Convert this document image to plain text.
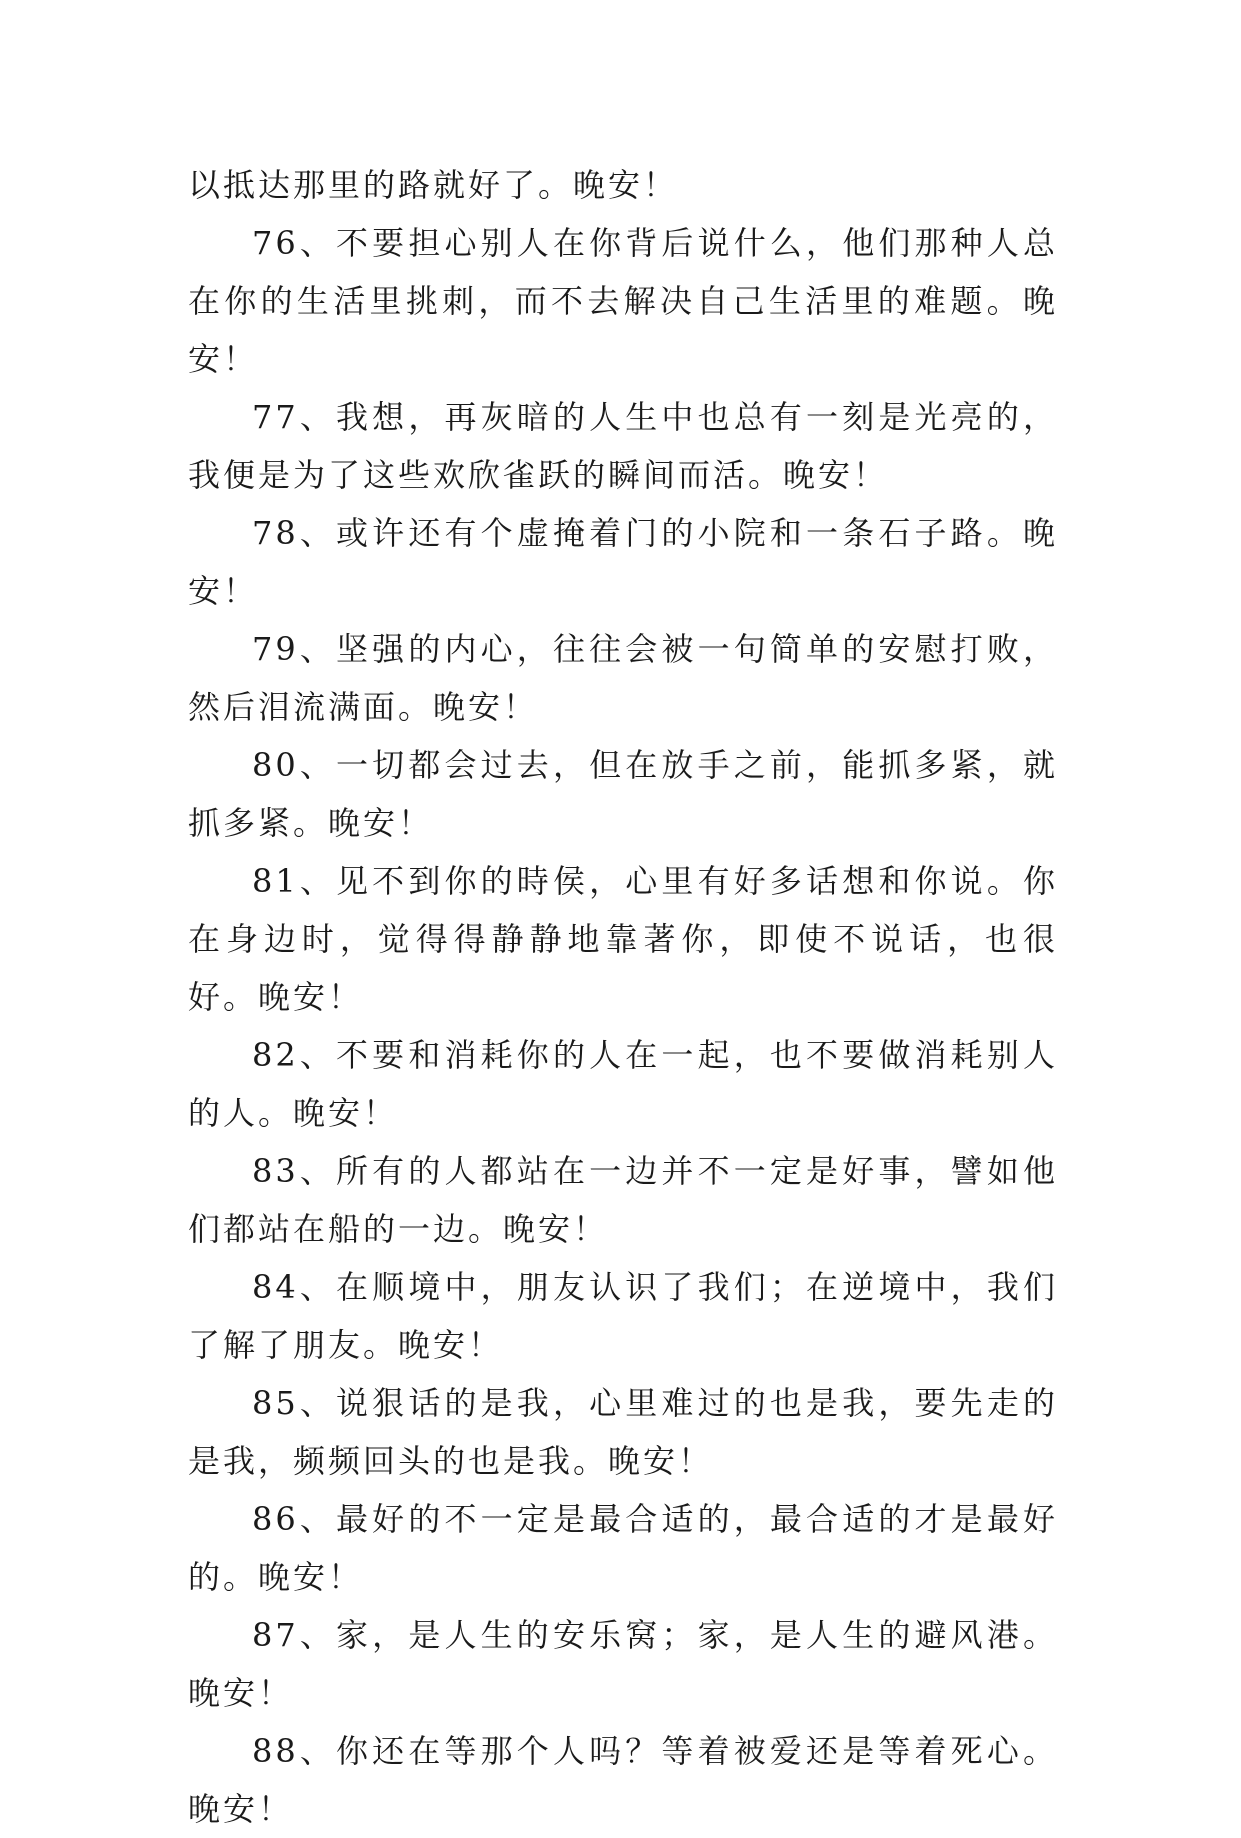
以抵达那里的路就好了。晚安！

76、不要担心别人在你背后说什么，他们那种人总在你的生活里挑刺，而不去解决自己生活里的难题。晚安！

77、我想，再灰暗的人生中也总有一刻是光亮的，我便是为了这些欢欣雀跃的瞬间而活。晚安！

78、或许还有个虚掩着门的小院和一条石子路。晚安！

79、坚强的内心，往往会被一句简单的安慰打败，然后泪流满面。晚安！

80、一切都会过去，但在放手之前，能抓多紧，就抓多紧。晚安！

81、见不到你的時侯，心里有好多话想和你说。你在身边时，觉得得静静地靠著你，即使不说话，也很好。晚安！

82、不要和消耗你的人在一起，也不要做消耗别人的人。晚安！

83、所有的人都站在一边并不一定是好事，譬如他们都站在船的一边。晚安！

84、在顺境中，朋友认识了我们；在逆境中，我们了解了朋友。晚安！

85、说狠话的是我，心里难过的也是我，要先走的是我，频频回头的也是我。晚安！

86、最好的不一定是最合适的，最合适的才是最好的。晚安！

87、家，是人生的安乐窝；家，是人生的避风港。晚安！

88、你还在等那个人吗？等着被爱还是等着死心。晚安！
